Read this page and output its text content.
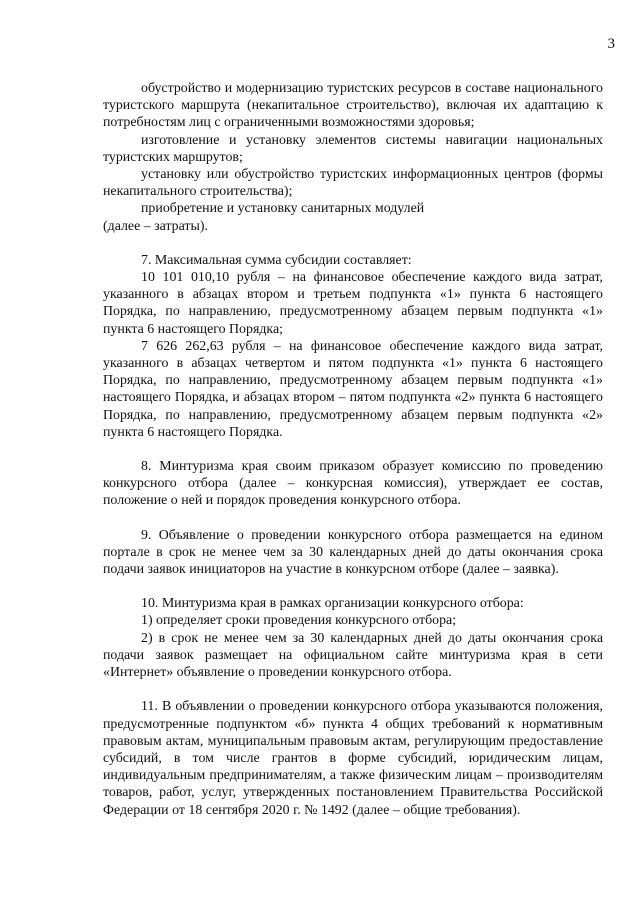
3

обустройство и модернизацию туристских ресурсов в составе национального туристского маршрута (некапитальное строительство), включая их адаптацию к потребностям лиц с ограниченными возможностями здоровья;

изготовление и установку элементов системы навигации национальных туристских маршрутов;

установку или обустройство туристских информационных центров (формы некапитального строительства);

приобретение и установку санитарных модулей

(далее – затраты).

7. Максимальная сумма субсидии составляет:

10 101 010,10 рубля – на финансовое обеспечение каждого вида затрат, указанного в абзацах втором и третьем подпункта «1» пункта 6 настоящего Порядка, по направлению, предусмотренному абзацем первым подпункта «1» пункта 6 настоящего Порядка;

7 626 262,63 рубля – на финансовое обеспечение каждого вида затрат, указанного в абзацах четвертом и пятом подпункта «1» пункта 6 настоящего Порядка, по направлению, предусмотренному абзацем первым подпункта «1» настоящего Порядка, и абзацах втором – пятом подпункта «2» пункта 6 настоящего Порядка, по направлению, предусмотренному абзацем первым подпункта «2» пункта 6 настоящего Порядка.

8. Минтуризма края своим приказом образует комиссию по проведению конкурсного отбора (далее – конкурсная комиссия), утверждает ее состав, положение о ней и порядок проведения конкурсного отбора.

9. Объявление о проведении конкурсного отбора размещается на едином портале в срок не менее чем за 30 календарных дней до даты окончания срока подачи заявок инициаторов на участие в конкурсном отборе (далее – заявка).

10. Минтуризма края в рамках организации конкурсного отбора:

1) определяет сроки проведения конкурсного отбора;

2) в срок не менее чем за 30 календарных дней до даты окончания срока подачи заявок размещает на официальном сайте минтуризма края в сети «Интернет» объявление о проведении конкурсного отбора.

11. В объявлении о проведении конкурсного отбора указываются положения, предусмотренные подпунктом «б» пункта 4 общих требований к нормативным правовым актам, муниципальным правовым актам, регулирующим предоставление субсидий, в том числе грантов в форме субсидий, юридическим лицам, индивидуальным предпринимателям, а также физическим лицам – производителям товаров, работ, услуг, утвержденных постановлением Правительства Российской Федерации от 18 сентября 2020 г. № 1492 (далее – общие требования).
